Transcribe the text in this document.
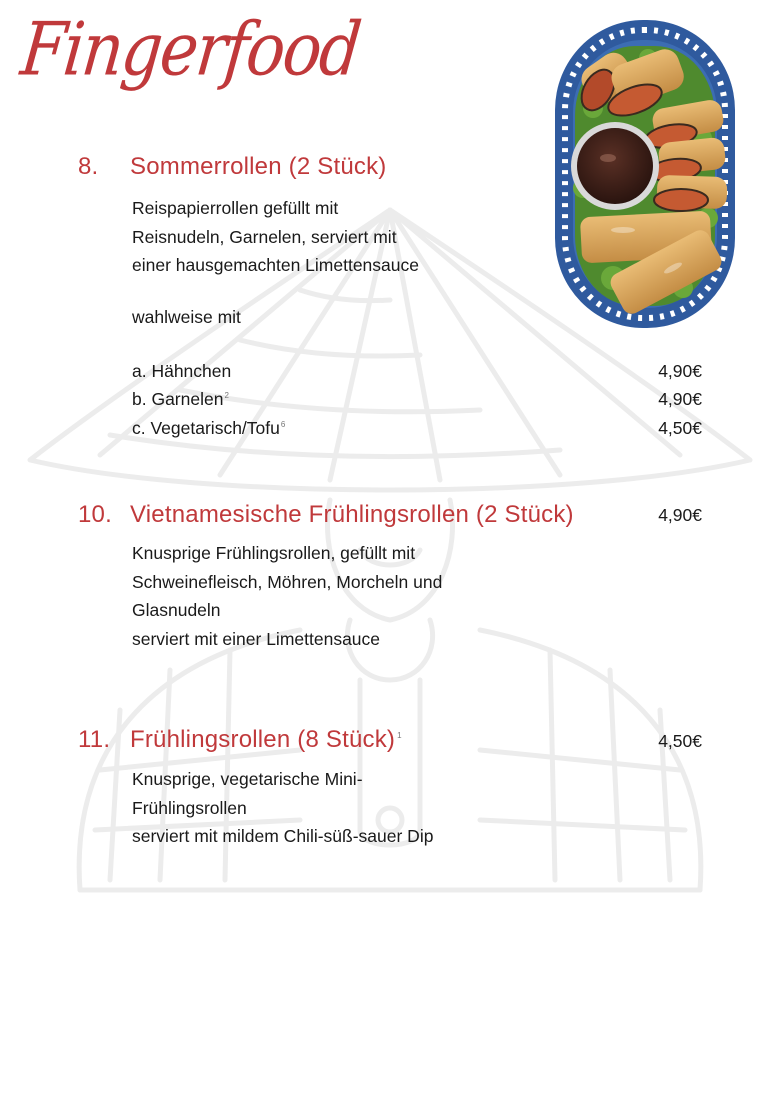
Fingerfood
8.	Sommerrollen (2 Stück)
Reispapierrollen gefüllt mit
Reisnudeln, Garnelen, serviert mit
einer hausgemachten Limettensauce
wahlweise mit
a. Hähnchen	4,90€
b. Garnelen$^2$	4,90€
c. Vegetarisch/Tofu$^6$	4,50€
10. Vietnamesische Frühlingsrollen (2 Stück)	4,90€
Knusprige Frühlingsrollen, gefüllt mit
Schweinefleisch, Möhren, Morcheln und
Glasnudeln
serviert mit einer Limettensauce
11. Frühlingsrollen (8 Stück) $^1$	4,50€
Knusprige, vegetarische Mini-
Frühlingsrollen
serviert mit mildem Chili-süß-sauer Dip
